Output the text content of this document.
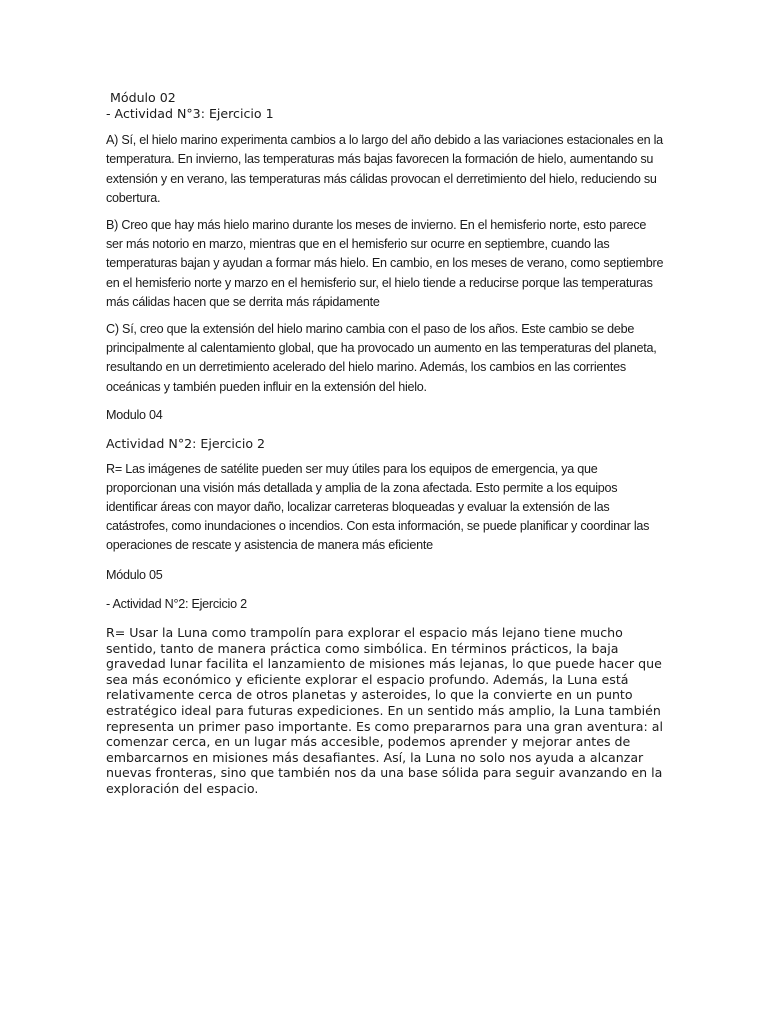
Módulo 02

- Actividad N°3: Ejercicio 1

A) Sí, el hielo marino experimenta cambios a lo largo del año debido a las variaciones estacionales en la temperatura. En invierno, las temperaturas más bajas favorecen la formación de hielo, aumentando su extensión y en verano, las temperaturas más cálidas provocan el derretimiento del hielo, reduciendo su cobertura.

B) Creo que hay más hielo marino durante los meses de invierno. En el hemisferio norte, esto parece ser más notorio en marzo, mientras que en el hemisferio sur ocurre en septiembre, cuando las temperaturas bajan y ayudan a formar más hielo. En cambio, en los meses de verano, como septiembre en el hemisferio norte y marzo en el hemisferio sur, el hielo tiende a reducirse porque las temperaturas más cálidas hacen que se derrita más rápidamente

C) Sí, creo que la extensión del hielo marino cambia con el paso de los años. Este cambio se debe principalmente al calentamiento global, que ha provocado un aumento en las temperaturas del planeta, resultando en un derretimiento acelerado del hielo marino. Además, los cambios en las corrientes oceánicas y también pueden influir en la extensión del hielo.

Modulo 04

Actividad N°2: Ejercicio 2

R= Las imágenes de satélite pueden ser muy útiles para los equipos de emergencia, ya que proporcionan una visión más detallada y amplia de la zona afectada. Esto permite a los equipos identificar áreas con mayor daño, localizar carreteras bloqueadas y evaluar la extensión de las catástrofes, como inundaciones o incendios. Con esta información, se puede planificar y coordinar las operaciones de rescate y asistencia de manera más eficiente

Módulo 05

- Actividad N°2: Ejercicio 2

R= Usar la Luna como trampolín para explorar el espacio más lejano tiene mucho sentido, tanto de manera práctica como simbólica. En términos prácticos, la baja gravedad lunar facilita el lanzamiento de misiones más lejanas, lo que puede hacer que sea más económico y eficiente explorar el espacio profundo. Además, la Luna está relativamente cerca de otros planetas y asteroides, lo que la convierte en un punto estratégico ideal para futuras expediciones. En un sentido más amplio, la Luna también representa un primer paso importante. Es como prepararnos para una gran aventura: al comenzar cerca, en un lugar más accesible, podemos aprender y mejorar antes de embarcarnos en misiones más desafiantes. Así, la Luna no solo nos ayuda a alcanzar nuevas fronteras, sino que también nos da una base sólida para seguir avanzando en la exploración del espacio.
